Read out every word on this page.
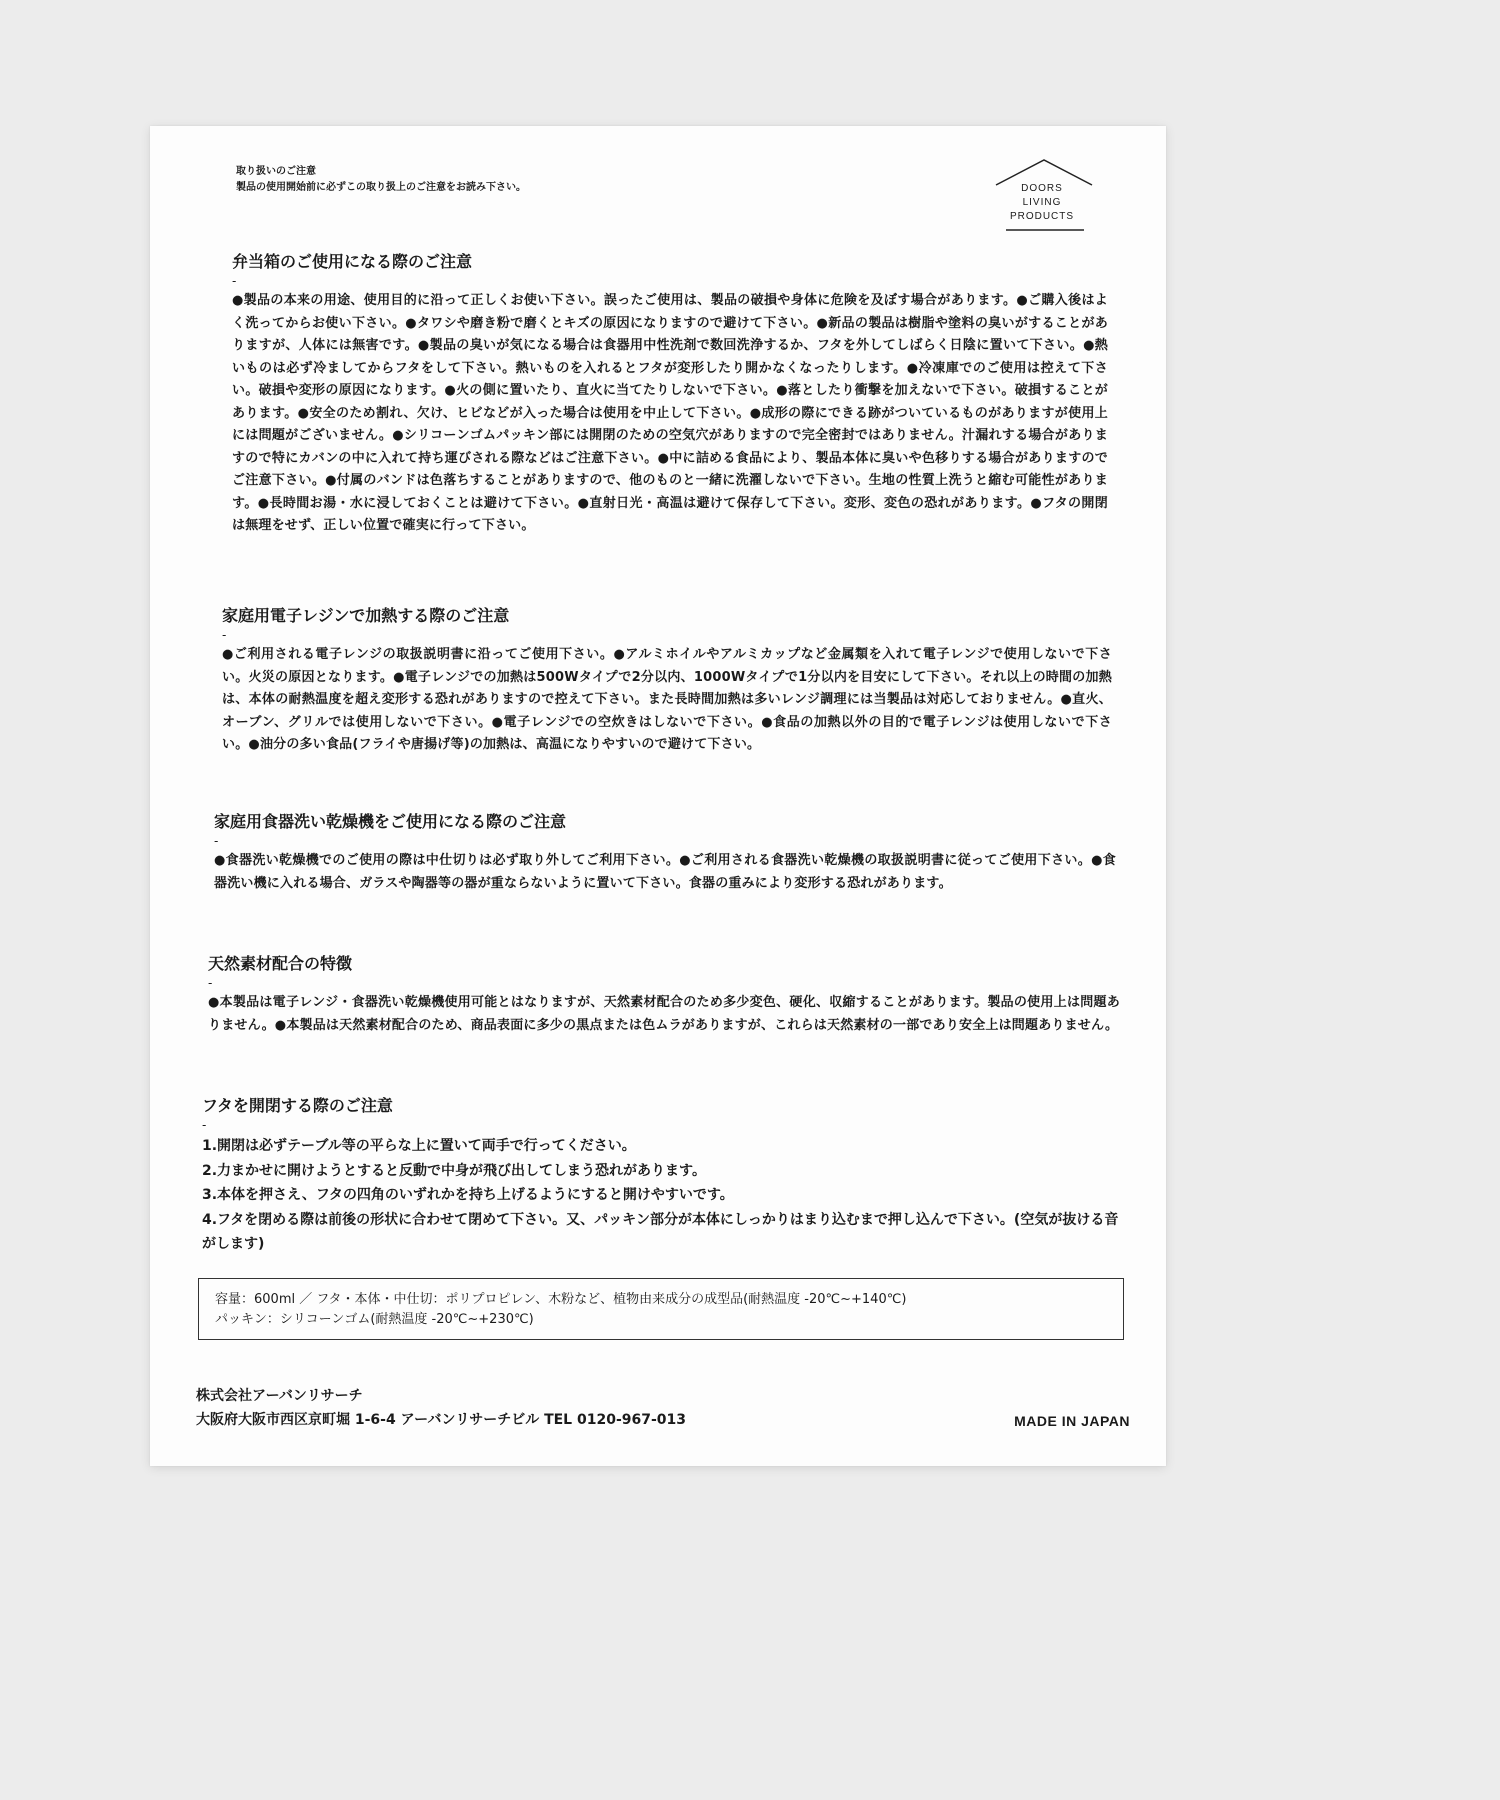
取り扱いのご注意
製品の使用開始前に必ずこの取り扱上のご注意をお読み下さい。	DOORS
LIVING
PRODUCTS
弁当箱のご使用になる際のご注意
-

●製品の本来の用途、使用目的に沿って正しくお使い下さい。誤ったご使用は、製品の破損や身体に危険を及ぼす場合があります。●ご購入後はよく洗ってからお使い下さい。●タワシや磨き粉で磨くとキズの原因になりますので避けて下さい。●新品の製品は樹脂や塗料の臭いがすることがありますが、人体には無害です。●製品の臭いが気になる場合は食器用中性洗剤で数回洗浄するか、フタを外してしばらく日陰に置いて下さい。●熱いものは必ず冷ましてからフタをして下さい。熱いものを入れるとフタが変形したり開かなくなったりします。●冷凍庫でのご使用は控えて下さい。破損や変形の原因になります。●火の側に置いたり、直火に当てたりしないで下さい。●落としたり衝撃を加えないで下さい。破損することがあります。●安全のため割れ、欠け、ヒビなどが入った場合は使用を中止して下さい。●成形の際にできる跡がついているものがありますが使用上には問題がございません。●シリコーンゴムパッキン部には開閉のための空気穴がありますので完全密封ではありません。汁漏れする場合がありますので特にカバンの中に入れて持ち運びされる際などはご注意下さい。●中に詰める食品により、製品本体に臭いや色移りする場合がありますのでご注意下さい。●付属のバンドは色落ちすることがありますので、他のものと一緒に洗濯しないで下さい。生地の性質上洗うと縮む可能性があります。●長時間お湯・水に浸しておくことは避けて下さい。●直射日光・高温は避けて保存して下さい。変形、変色の恐れがあります。●フタの開閉は無理をせず、正しい位置で確実に行って下さい。

家庭用電子レジンで加熱する際のご注意
-

●ご利用される電子レンジの取扱説明書に沿ってご使用下さい。●アルミホイルやアルミカップなど金属類を入れて電子レンジで使用しないで下さい。火災の原因となります。●電子レンジでの加熱は500Wタイプで2分以内、1000Wタイプで1分以内を目安にして下さい。それ以上の時間の加熱は、本体の耐熱温度を超え変形する恐れがありますので控えて下さい。また長時間加熱は多いレンジ調理には当製品は対応しておりません。●直火、オーブン、グリルでは使用しないで下さい。●電子レンジでの空炊きはしないで下さい。●食品の加熱以外の目的で電子レンジは使用しないで下さい。●油分の多い食品(フライや唐揚げ等)の加熱は、高温になりやすいので避けて下さい。

家庭用食器洗い乾燥機をご使用になる際のご注意
-

●食器洗い乾燥機でのご使用の際は中仕切りは必ず取り外してご利用下さい。●ご利用される食器洗い乾燥機の取扱説明書に従ってご使用下さい。●食器洗い機に入れる場合、ガラスや陶器等の器が重ならないように置いて下さい。食器の重みにより変形する恐れがあります。

天然素材配合の特徴
-

●本製品は電子レンジ・食器洗い乾燥機使用可能とはなりますが、天然素材配合のため多少変色、硬化、収縮することがあります。製品の使用上は問題ありません。●本製品は天然素材配合のため、商品表面に多少の黒点または色ムラがありますが、これらは天然素材の一部であり安全上は問題ありません。

フタを開閉する際のご注意
-
1.開閉は必ずテーブル等の平らな上に置いて両手で行ってください。
2.力まかせに開けようとすると反動で中身が飛び出してしまう恐れがあります。
3.本体を押さえ、フタの四角のいずれかを持ち上げるようにすると開けやすいです。
4.フタを閉める際は前後の形状に合わせて閉めて下さい。又、パッキン部分が本体にしっかりはまり込むまで押し込んで下さい。(空気が抜ける音がします)
容量：600ml ／ フタ・本体・中仕切：ポリプロピレン、木粉など、植物由来成分の成型品(耐熱温度 -20℃~+140℃)
パッキン：シリコーンゴム(耐熱温度 -20℃~+230℃)
株式会社アーバンリサーチ
大阪府大阪市西区京町堀 1-6-4 アーバンリサーチビル TEL 0120-967-013	MADE IN JAPAN
